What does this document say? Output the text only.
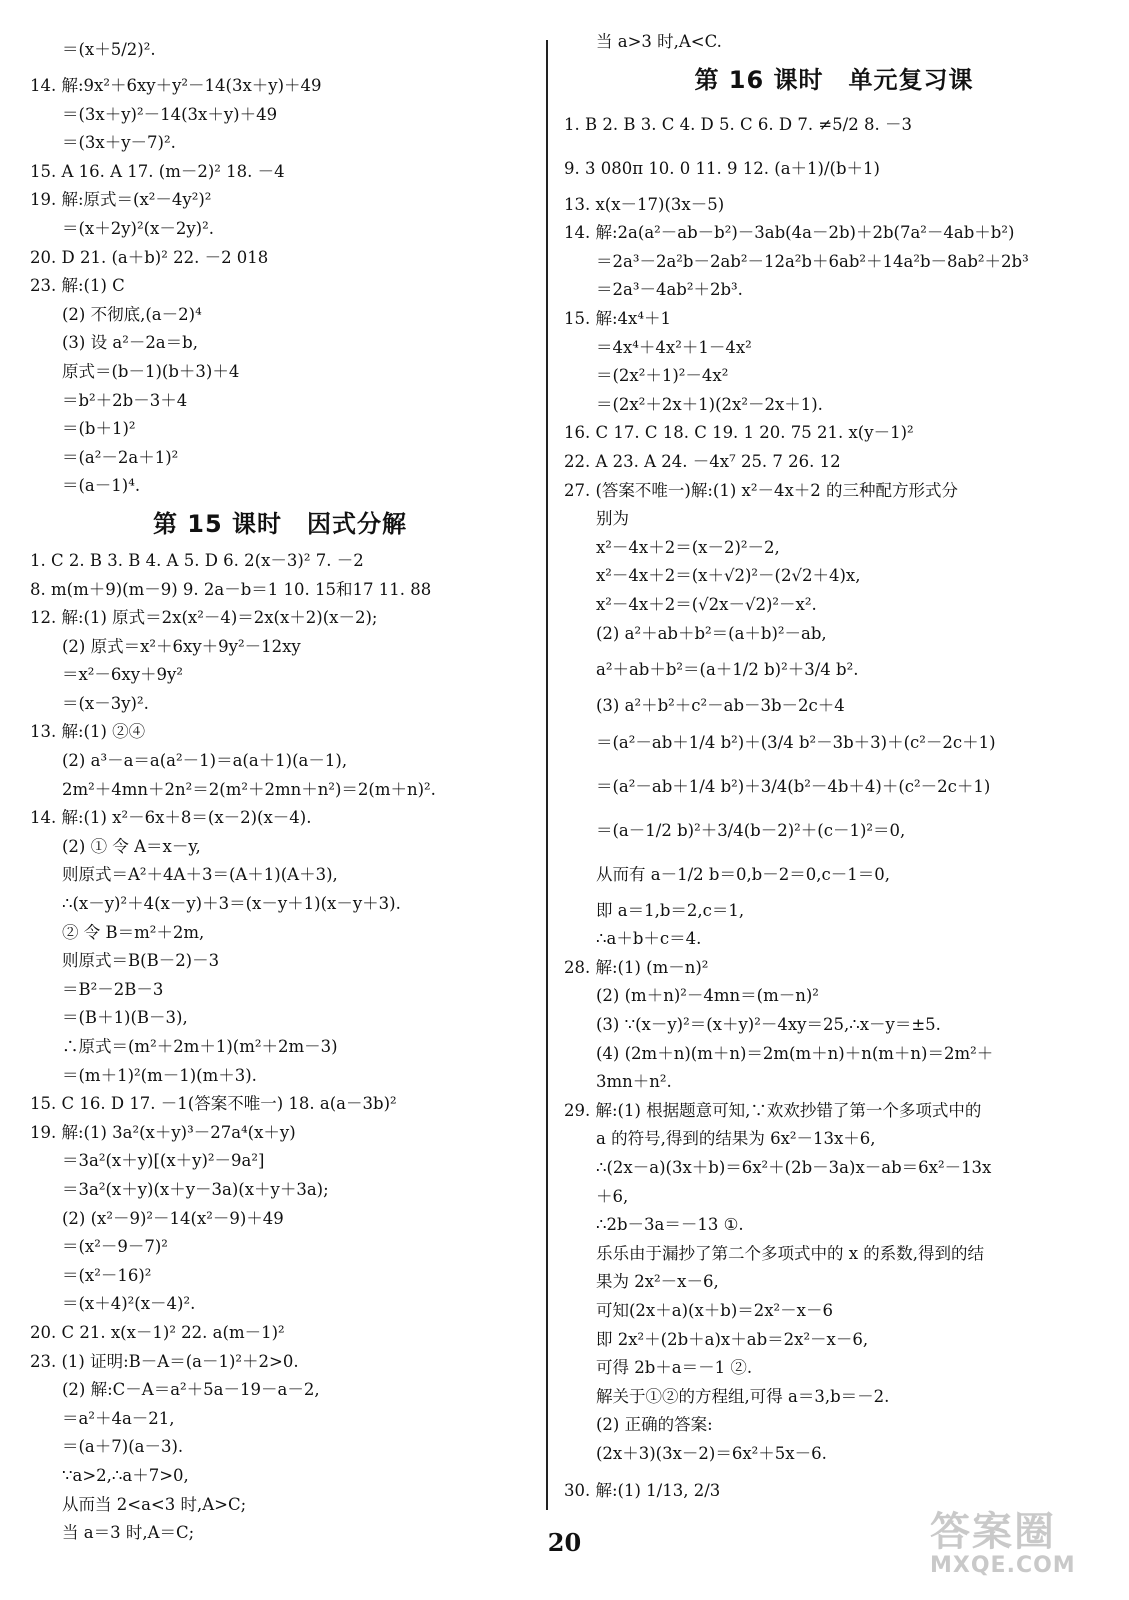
＝(x＋5/2)².
14. 解:9x²＋6xy＋y²－14(3x＋y)＋49
＝(3x＋y)²－14(3x＋y)＋49
＝(3x＋y－7)².
15. A 16. A 17. (m－2)² 18. －4
19. 解:原式＝(x²－4y²)²
＝(x＋2y)²(x－2y)².
20. D 21. (a＋b)² 22. －2 018
23. 解:(1) C
(2) 不彻底,(a－2)⁴
(3) 设 a²－2a＝b,
原式＝(b－1)(b＋3)＋4
＝b²＋2b－3＋4
＝(b＋1)²
＝(a²－2a＋1)²
＝(a－1)⁴.
第 15 课时　因式分解
1. C 2. B 3. B 4. A 5. D 6. 2(x－3)² 7. －2
8. m(m＋9)(m－9) 9. 2a－b＝1 10. 15和17 11. 88
12. 解:(1) 原式＝2x(x²－4)＝2x(x＋2)(x－2);
(2) 原式＝x²＋6xy＋9y²－12xy
＝x²－6xy＋9y²
＝(x－3y)².
13. 解:(1) ②④
(2) a³－a＝a(a²－1)＝a(a＋1)(a－1),
2m²＋4mn＋2n²＝2(m²＋2mn＋n²)＝2(m＋n)².
14. 解:(1) x²－6x＋8＝(x－2)(x－4).
(2) ① 令 A＝x－y,
则原式＝A²＋4A＋3＝(A＋1)(A＋3),
∴(x－y)²＋4(x－y)＋3＝(x－y＋1)(x－y＋3).
② 令 B＝m²＋2m,
则原式＝B(B－2)－3
＝B²－2B－3
＝(B＋1)(B－3),
∴原式＝(m²＋2m＋1)(m²＋2m－3)
＝(m＋1)²(m－1)(m＋3).
15. C 16. D 17. －1(答案不唯一) 18. a(a－3b)²
19. 解:(1) 3a²(x＋y)³－27a⁴(x＋y)
＝3a²(x＋y)[(x＋y)²－9a²]
＝3a²(x＋y)(x＋y－3a)(x＋y＋3a);
(2) (x²－9)²－14(x²－9)＋49
＝(x²－9－7)²
＝(x²－16)²
＝(x＋4)²(x－4)².
20. C 21. x(x－1)² 22. a(m－1)²
23. (1) 证明:B－A＝(a－1)²＋2>0.
(2) 解:C－A＝a²＋5a－19－a－2,
＝a²＋4a－21,
＝(a＋7)(a－3).
∵a>2,∴a＋7>0,
从而当 2<a<3 时,A>C;
当 a＝3 时,A＝C;
当 a>3 时,A<C.
第 16 课时　单元复习课
1. B 2. B 3. C 4. D 5. C 6. D 7. ≠5/2 8. －3
9. 3 080π 10. 0 11. 9 12. (a＋1)/(b＋1)
13. x(x－17)(3x－5)
14. 解:2a(a²－ab－b²)－3ab(4a－2b)＋2b(7a²－4ab＋b²)
＝2a³－2a²b－2ab²－12a²b＋6ab²＋14a²b－8ab²＋2b³
＝2a³－4ab²＋2b³.
15. 解:4x⁴＋1
＝4x⁴＋4x²＋1－4x²
＝(2x²＋1)²－4x²
＝(2x²＋2x＋1)(2x²－2x＋1).
16. C 17. C 18. C 19. 1 20. 75 21. x(y－1)²
22. A 23. A 24. －4x⁷ 25. 7 26. 12
27. (答案不唯一)解:(1) x²－4x＋2 的三种配方形式分
别为
x²－4x＋2＝(x－2)²－2,
x²－4x＋2＝(x＋√2)²－(2√2＋4)x,
x²－4x＋2＝(√2x－√2)²－x².
(2) a²＋ab＋b²＝(a＋b)²－ab,
a²＋ab＋b²＝(a＋1/2 b)²＋3/4 b².
(3) a²＋b²＋c²－ab－3b－2c＋4
＝(a²－ab＋1/4 b²)＋(3/4 b²－3b＋3)＋(c²－2c＋1)
＝(a²－ab＋1/4 b²)＋3/4(b²－4b＋4)＋(c²－2c＋1)
＝(a－1/2 b)²＋3/4(b－2)²＋(c－1)²＝0,
从而有 a－1/2 b＝0,b－2＝0,c－1＝0,
即 a＝1,b＝2,c＝1,
∴a＋b＋c＝4.
28. 解:(1) (m－n)²
(2) (m＋n)²－4mn＝(m－n)²
(3) ∵(x－y)²＝(x＋y)²－4xy＝25,∴x－y＝±5.
(4) (2m＋n)(m＋n)＝2m(m＋n)＋n(m＋n)＝2m²＋
3mn＋n².
29. 解:(1) 根据题意可知,∵欢欢抄错了第一个多项式中的
a 的符号,得到的结果为 6x²－13x＋6,
∴(2x－a)(3x＋b)＝6x²＋(2b－3a)x－ab＝6x²－13x
＋6,
∴2b－3a＝－13 ①.
乐乐由于漏抄了第二个多项式中的 x 的系数,得到的结
果为 2x²－x－6,
可知(2x＋a)(x＋b)＝2x²－x－6
即 2x²＋(2b＋a)x＋ab＝2x²－x－6,
可得 2b＋a＝－1 ②.
解关于①②的方程组,可得 a＝3,b＝－2.
(2) 正确的答案:
(2x＋3)(3x－2)＝6x²＋5x－6.
30. 解:(1) 1/13, 2/3
20	答案圈
MXQE.COM
